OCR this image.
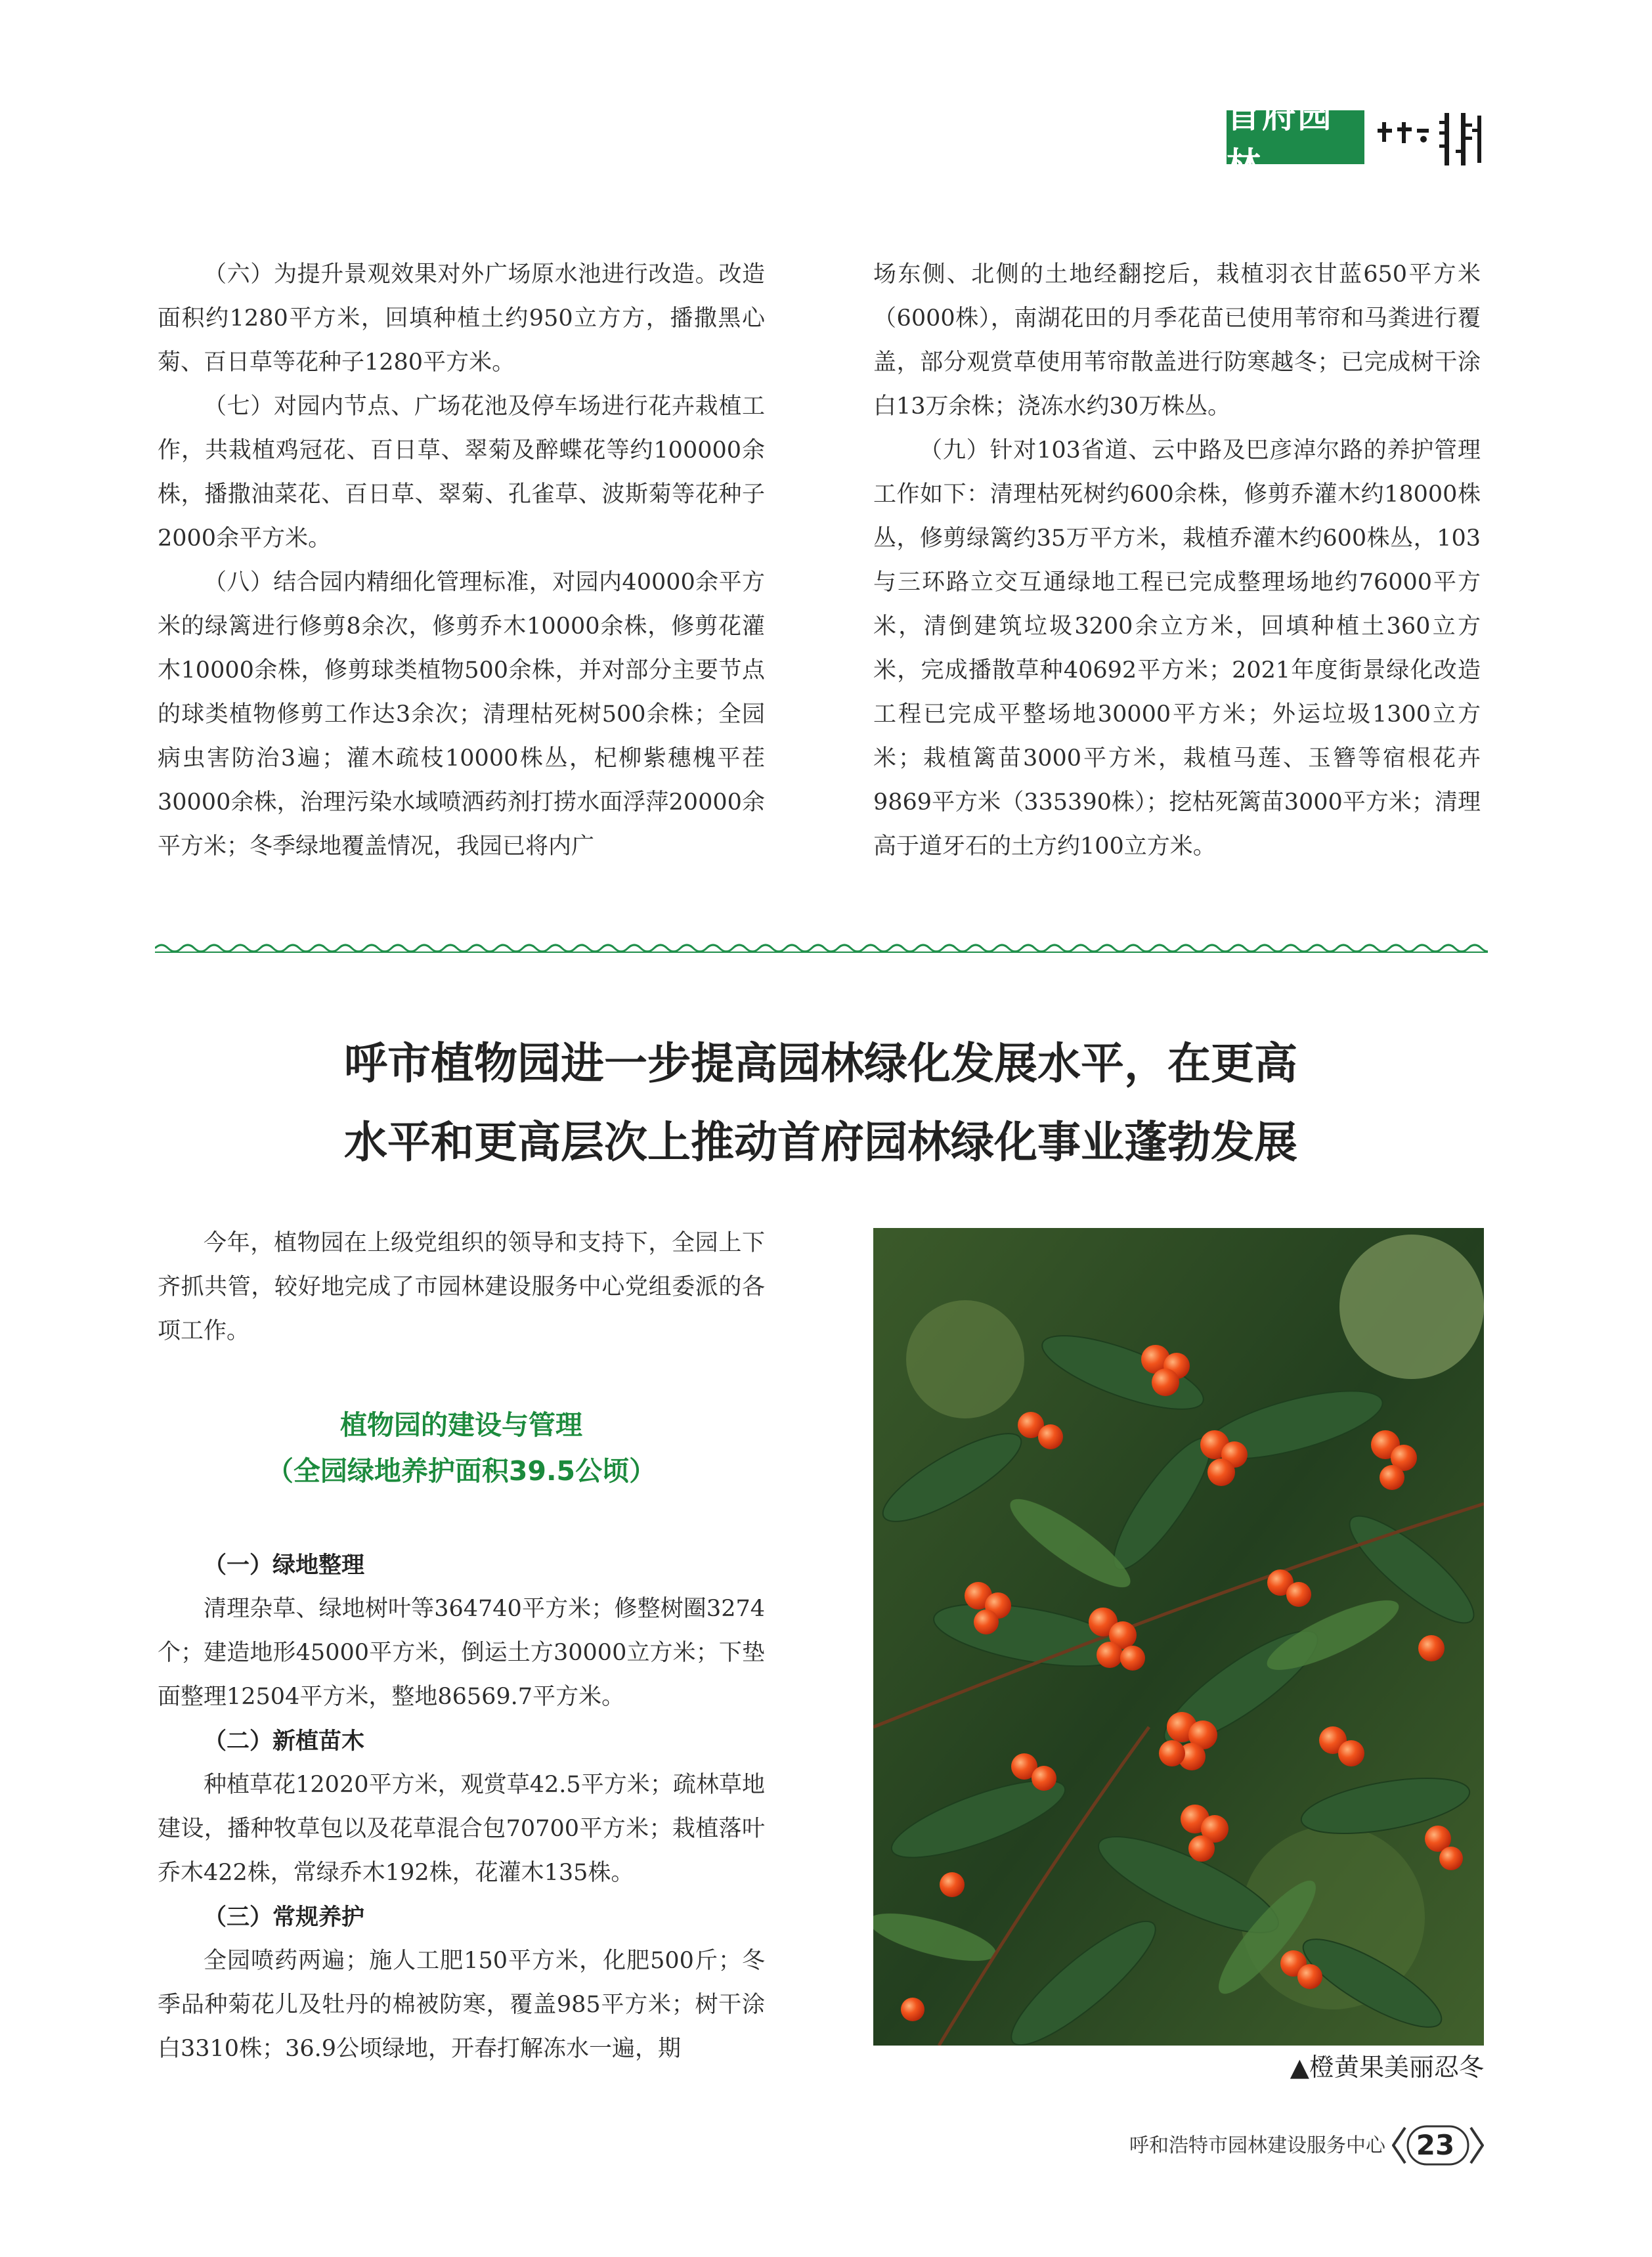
首府园林

（六）为提升景观效果对外广场原水池进行改造。改造面积约1280平方米，回填种植土约950立方方，播撒黑心菊、百日草等花种子1280平方米。

（七）对园内节点、广场花池及停车场进行花卉栽植工作，共栽植鸡冠花、百日草、翠菊及醉蝶花等约100000余株，播撒油菜花、百日草、翠菊、孔雀草、波斯菊等花种子2000余平方米。

（八）结合园内精细化管理标准，对园内40000余平方米的绿篱进行修剪8余次，修剪乔木10000余株，修剪花灌木10000余株，修剪球类植物500余株，并对部分主要节点的球类植物修剪工作达3余次；清理枯死树500余株；全园病虫害防治3遍；灌木疏枝10000株丛，杞柳紫穗槐平茬30000余株，治理污染水域喷洒药剂打捞水面浮萍20000余平方米；冬季绿地覆盖情况，我园已将内广

场东侧、北侧的土地经翻挖后，栽植羽衣甘蓝650平方米（6000株），南湖花田的月季花苗已使用苇帘和马粪进行覆盖，部分观赏草使用苇帘散盖进行防寒越冬；已完成树干涂白13万余株；浇冻水约30万株丛。

（九）针对103省道、云中路及巴彦淖尔路的养护管理工作如下：清理枯死树约600余株，修剪乔灌木约18000株丛，修剪绿篱约35万平方米，栽植乔灌木约600株丛，103与三环路立交互通绿地工程已完成整理场地约76000平方米，清倒建筑垃圾3200余立方米，回填种植土360立方米，完成播散草种40692平方米；2021年度街景绿化改造工程已完成平整场地30000平方米；外运垃圾1300立方米；栽植篱苗3000平方米，栽植马莲、玉簪等宿根花卉9869平方米（335390株）；挖枯死篱苗3000平方米；清理高于道牙石的土方约100立方米。

呼市植物园进一步提高园林绿化发展水平，在更高
水平和更高层次上推动首府园林绿化事业蓬勃发展

今年，植物园在上级党组织的领导和支持下，全园上下齐抓共管，较好地完成了市园林建设服务中心党组委派的各项工作。

植物园的建设与管理
（全园绿地养护面积39.5公顷）

（一）绿地整理

清理杂草、绿地树叶等364740平方米；修整树圈3274个；建造地形45000平方米，倒运土方30000立方米；下垫面整理12504平方米，整地86569.7平方米。

（二）新植苗木

种植草花12020平方米，观赏草42.5平方米；疏林草地建设，播种牧草包以及花草混合包70700平方米；栽植落叶乔木422株，常绿乔木192株，花灌木135株。

（三）常规养护

全园喷药两遍；施人工肥150平方米，化肥500斤；冬季品种菊花儿及牡丹的棉被防寒，覆盖985平方米；树干涂白3310株；36.9公顷绿地，开春打解冻水一遍，期

▲橙黄果美丽忍冬
呼和浩特市园林建设服务中心	23
